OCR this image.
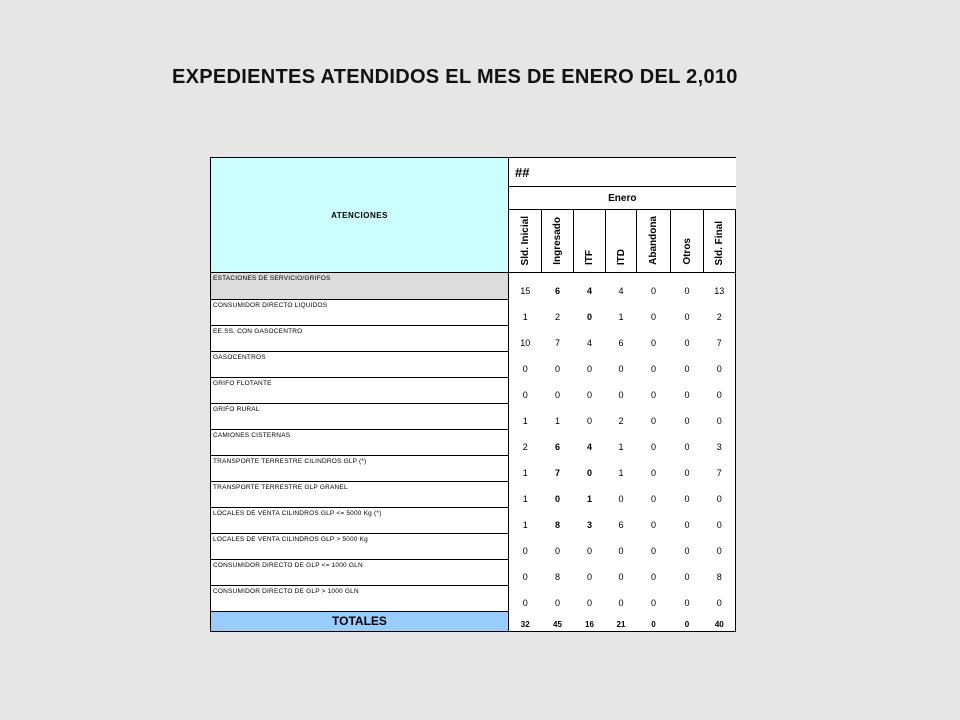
EXPEDIENTES ATENDIDOS EL MES DE ENERO DEL 2,010
ATENCIONES	##						
	Enero						
	Sld. Inicial	Ingresado	ITF	ITD	Abandona	Otros	Sld. Final
ESTACIONES DE SERVICIO/GRIFOS	15	6	4	4	0	0	13
CONSUMIDOR DIRECTO LIQUIDOS	1	2	0	1	0	0	2
EE.SS. CON GASOCENTRO	10	7	4	6	0	0	7
GASOCENTROS	0	0	0	0	0	0	0
GRIFO FLOTANTE	0	0	0	0	0	0	0
GRIFO RURAL	1	1	0	2	0	0	0
CAMIONES CISTERNAS	2	6	4	1	0	0	3
TRANSPORTE TERRESTRE CILINDROS GLP (*)	1	7	0	1	0	0	7
TRANSPORTE TERRESTRE GLP GRANEL	1	0	1	0	0	0	0
LOCALES DE VENTA CILINDROS GLP <= 5000 Kg (*)	1	8	3	6	0	0	0
LOCALES DE VENTA CILINDROS GLP > 5000 Kg	0	0	0	0	0	0	0
CONSUMIDOR DIRECTO DE GLP <= 1000 GLN	0	8	0	0	0	0	8
CONSUMIDOR DIRECTO DE GLP > 1000 GLN	0	0	0	0	0	0	0
TOTALES	32	45	16	21	0	0	40
